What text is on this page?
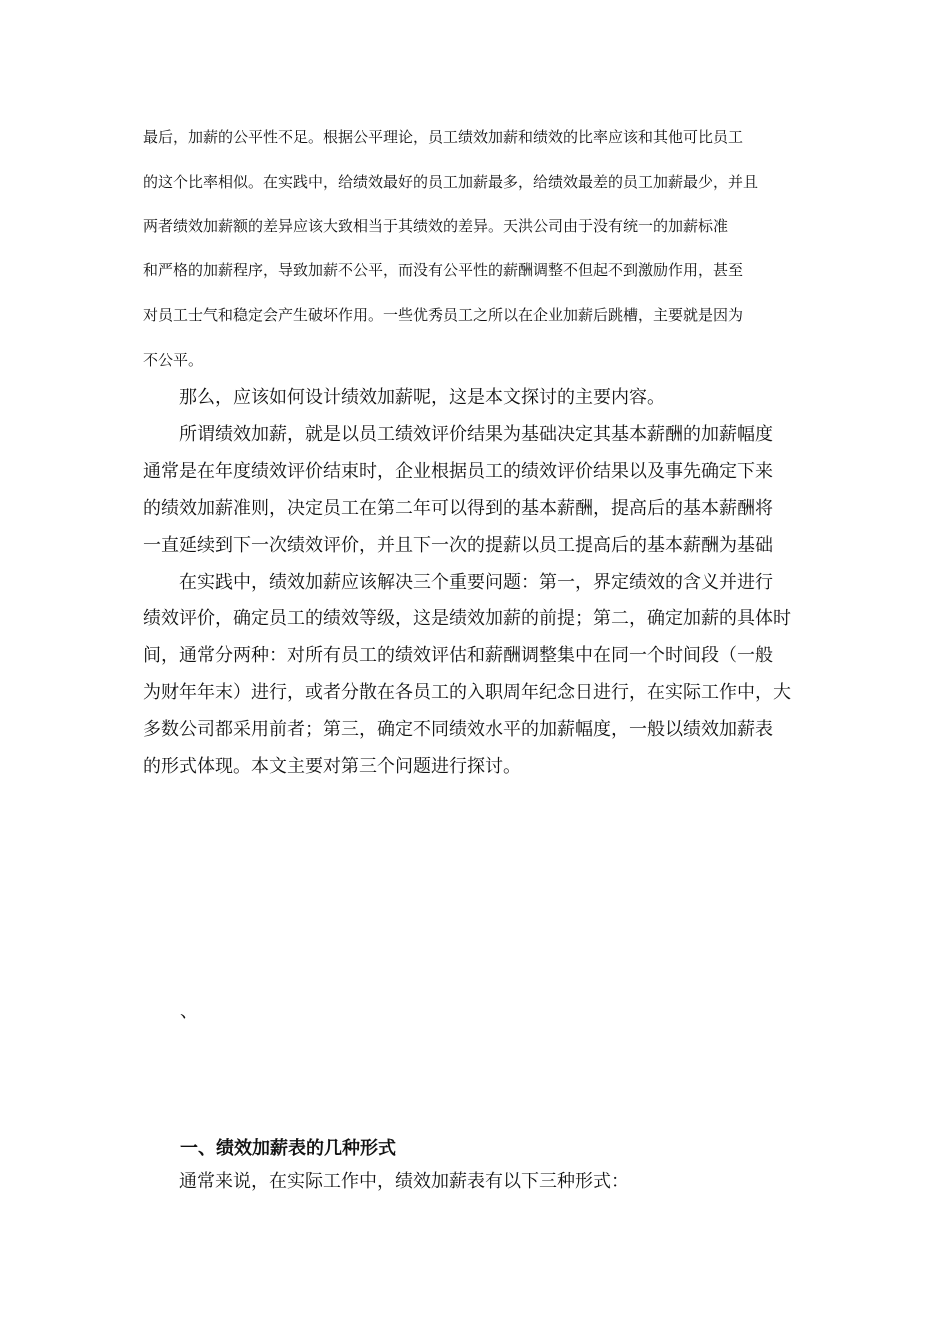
最后，加薪的公平性不足。根据公平理论，员工绩效加薪和绩效的比率应该和其他可比员工
的这个比率相似。在实践中，给绩效最好的员工加薪最多，给绩效最差的员工加薪最少，并且
两者绩效加薪额的差异应该大致相当于其绩效的差异。天洪公司由于没有统一的加薪标准
和严格的加薪程序，导致加薪不公平，而没有公平性的薪酬调整不但起不到激励作用，甚至
对员工士气和稳定会产生破坏作用。一些优秀员工之所以在企业加薪后跳槽，主要就是因为
不公平。
那么，应该如何设计绩效加薪呢，这是本文探讨的主要内容。
所谓绩效加薪，就是以员工绩效评价结果为基础决定其基本薪酬的加薪幅度
通常是在年度绩效评价结束时，企业根据员工的绩效评价结果以及事先确定下来
的绩效加薪准则，决定员工在第二年可以得到的基本薪酬，提高后的基本薪酬将
一直延续到下一次绩效评价，并且下一次的提薪以员工提高后的基本薪酬为基础
在实践中，绩效加薪应该解决三个重要问题：第一，界定绩效的含义并进行
绩效评价，确定员工的绩效等级，这是绩效加薪的前提；第二，确定加薪的具体时
间，通常分两种：对所有员工的绩效评估和薪酬调整集中在同一个时间段（一般
为财年年末）进行，或者分散在各员工的入职周年纪念日进行，在实际工作中，大
多数公司都采用前者；第三，确定不同绩效水平的加薪幅度，一般以绩效加薪表
的形式体现。本文主要对第三个问题进行探讨。
、
一、绩效加薪表的几种形式
通常来说，在实际工作中，绩效加薪表有以下三种形式：
